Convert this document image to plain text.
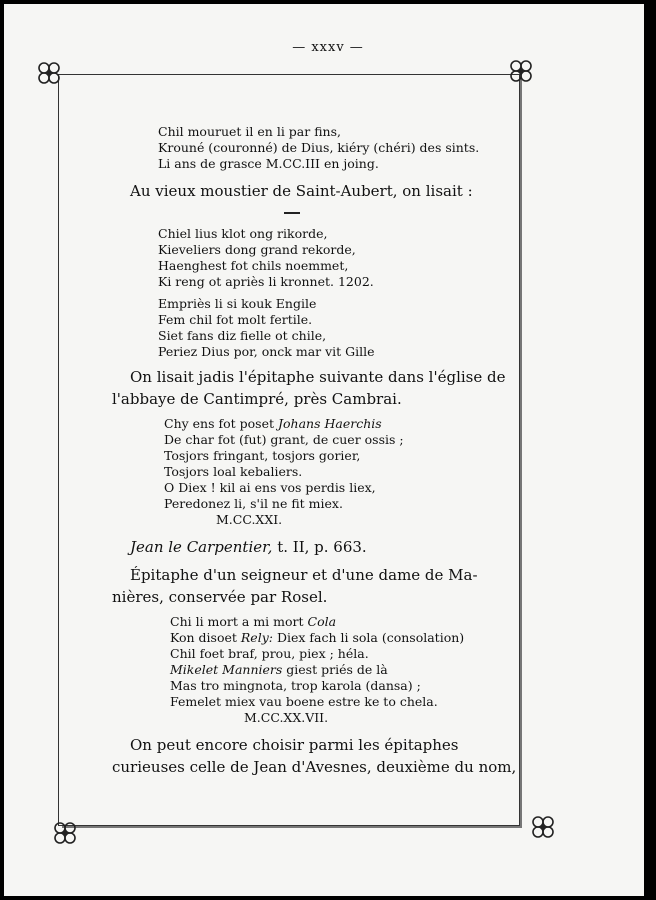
— xxxv —
Chil mouruet il en li par fins,
Krouné (couronné) de Dius, kiéry (chéri) des sints.
Li ans de grasce M.CC.III en joing.
Au vieux moustier de Saint-Aubert, on lisait :
Chiel lius klot ong rikorde,
Kieveliers dong grand rekorde,
Haenghest fot chils noemmet,
Ki reng ot apriès li kronnet. 1202.
Empriès li si kouk Engile
Fem chil fot molt fertile.
Siet fans diz fielle ot chile,
Periez Dius por, onck mar vit Gille
On lisait jadis l'épitaphe suivante dans l'église de
l'abbaye de Cantimpré, près Cambrai.
Chy ens fot poset Johans Haerchis
De char fot (fut) grant, de cuer ossis ;
Tosjors fringant, tosjors gorier,
Tosjors loal kebaliers.
O Diex ! kil ai ens vos perdis liex,
Peredonez li, s'il ne fit miex.
M.CC.XXI.
Jean le Carpentier, t. II, p. 663.
Épitaphe d'un seigneur et d'une dame de Ma-
nières, conservée par Rosel.
Chi li mort a mi mort Cola
Kon disoet Rely: Diex fach li sola (consolation)
Chil foet braf, prou, piex ; héla.
Mikelet Manniers giest priés de là
Mas tro mingnota, trop karola (dansa) ;
Femelet miex vau boene estre ke to chela.
M.CC.XX.VII.
On peut encore choisir parmi les épitaphes
curieuses celle de Jean d'Avesnes, deuxième du nom,
